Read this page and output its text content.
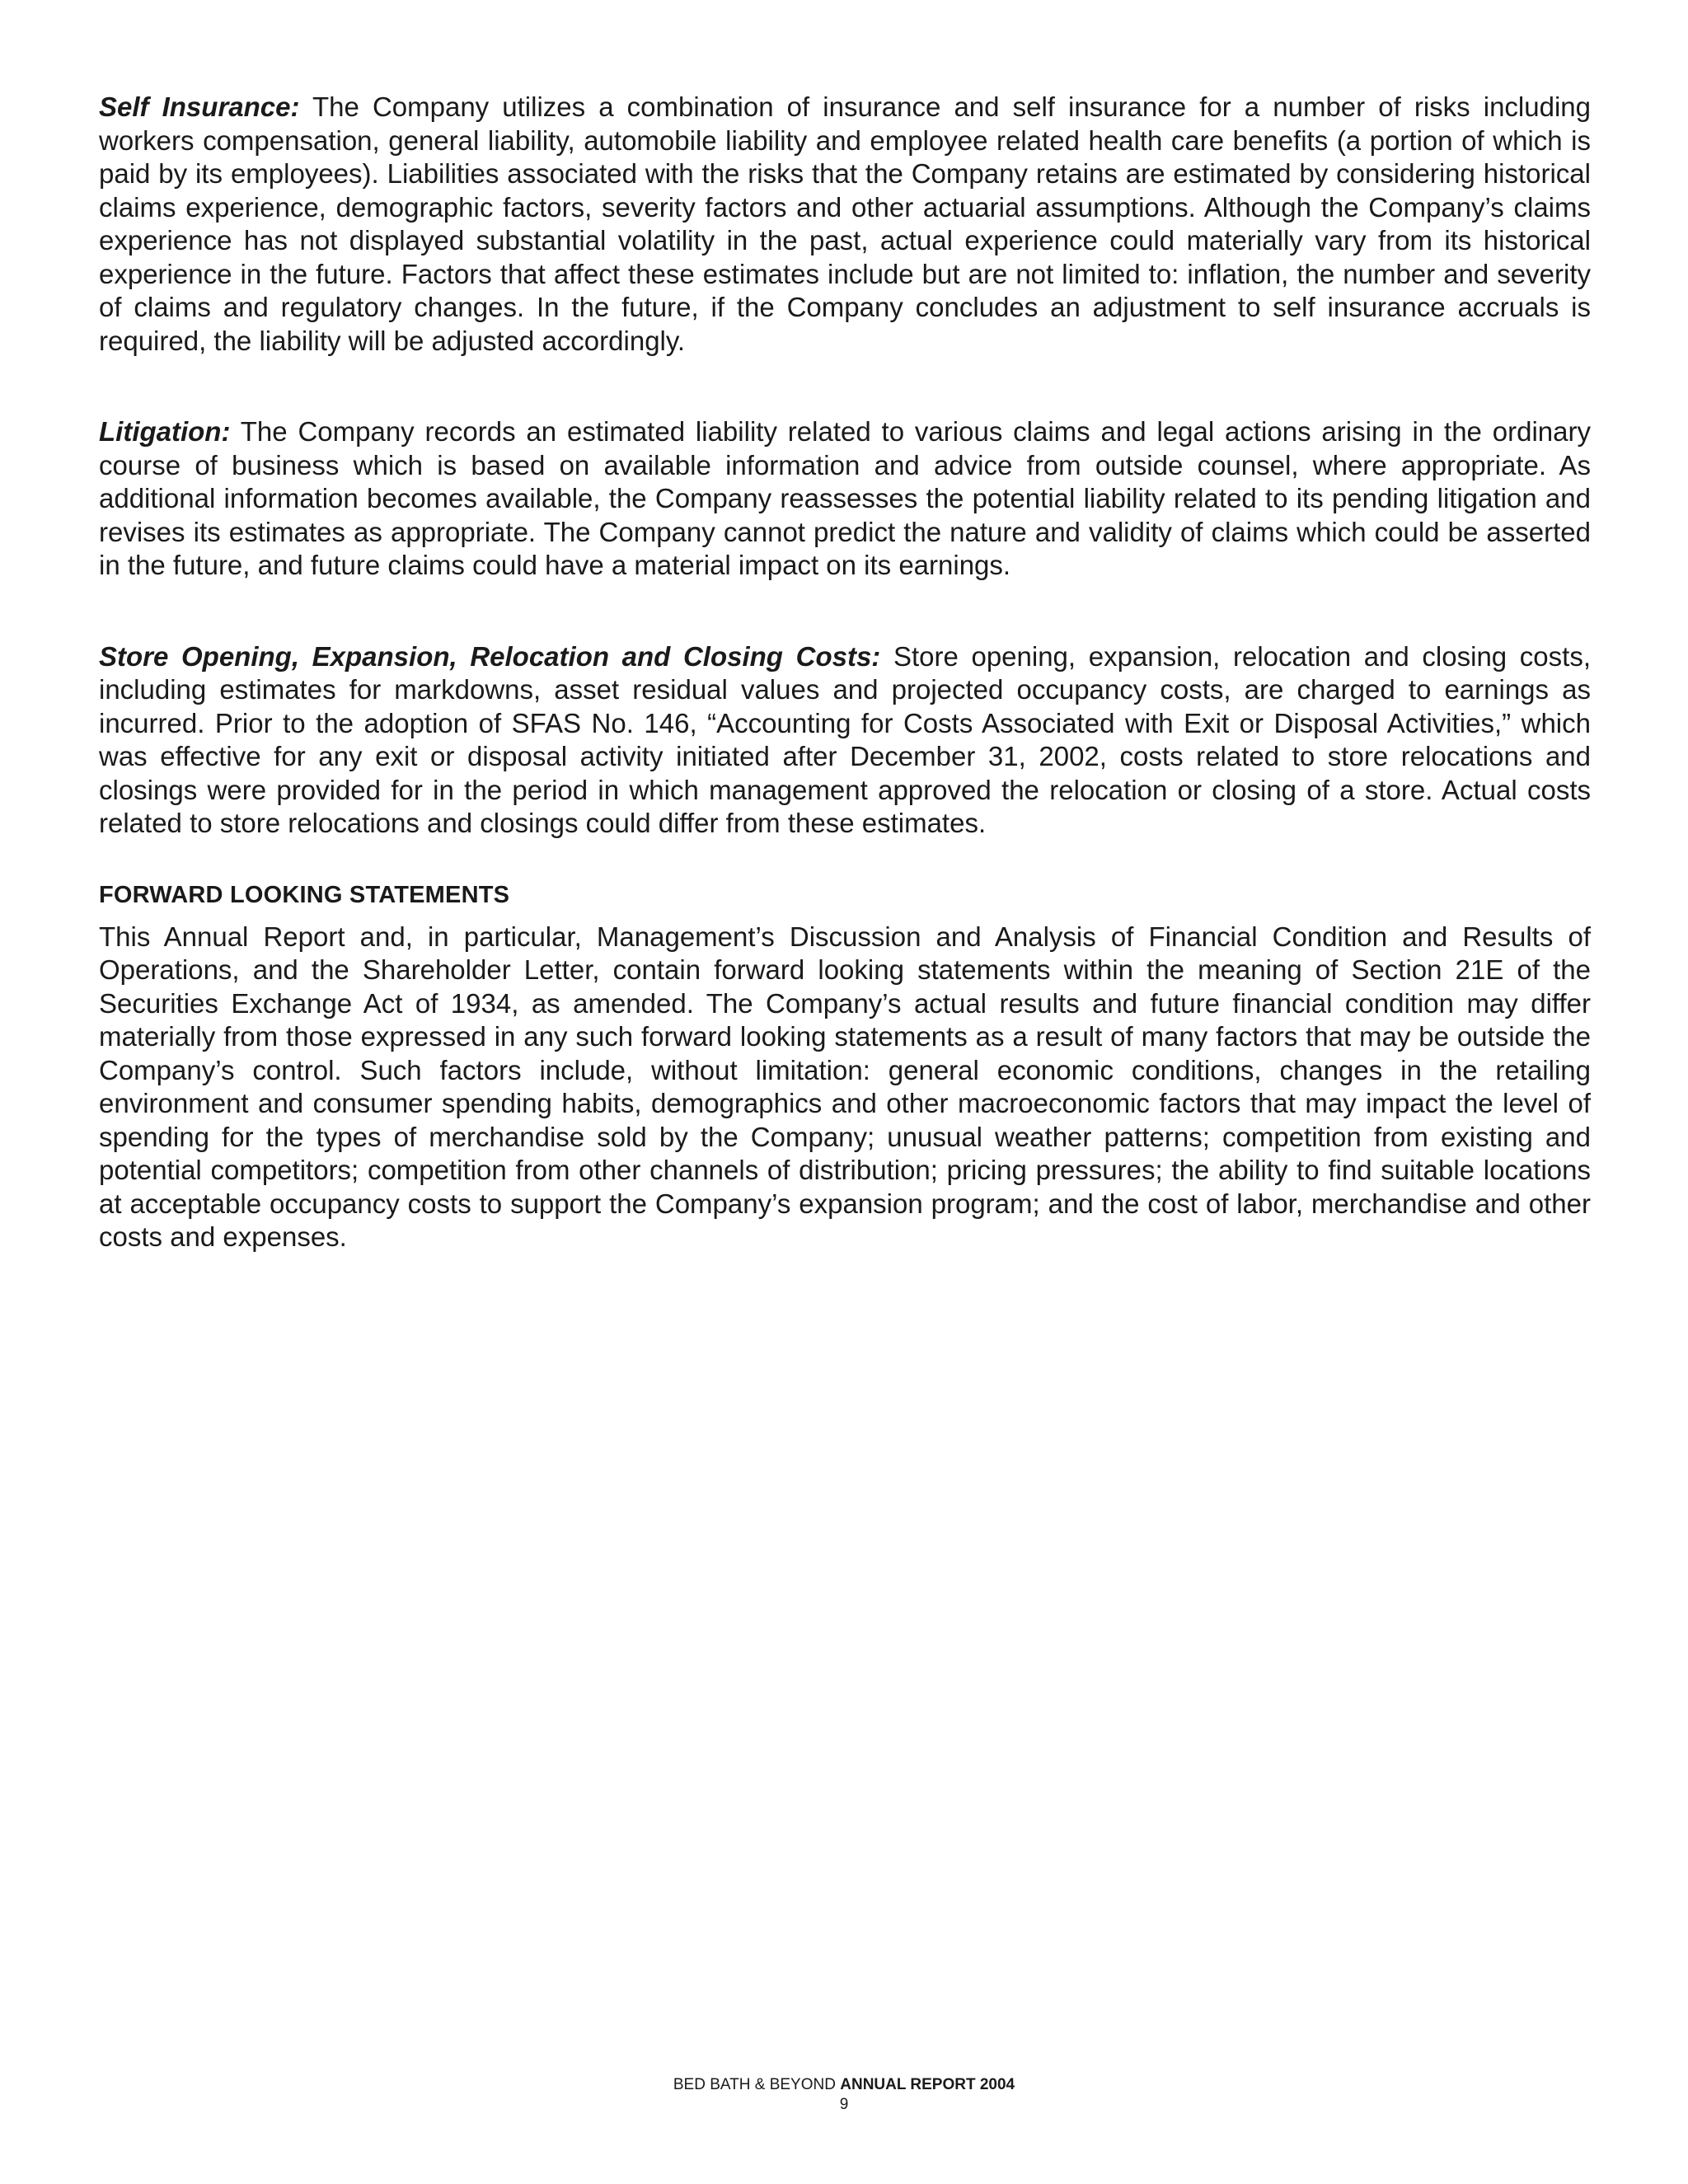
Self Insurance: The Company utilizes a combination of insurance and self insurance for a number of risks including workers compensation, general liability, automobile liability and employee related health care benefits (a portion of which is paid by its employees). Liabilities associated with the risks that the Company retains are estimated by considering historical claims experience, demographic factors, severity factors and other actuarial assumptions. Although the Company’s claims experience has not displayed substantial volatility in the past, actual experience could materially vary from its historical experience in the future. Factors that affect these estimates include but are not limited to: inflation, the number and severity of claims and regulatory changes. In the future, if the Company concludes an adjustment to self insurance accruals is required, the liability will be adjusted accordingly.

Litigation: The Company records an estimated liability related to various claims and legal actions arising in the ordinary course of business which is based on available information and advice from outside counsel, where appropriate. As additional information becomes available, the Company reassesses the potential liability related to its pending litigation and revises its estimates as appropriate. The Company cannot predict the nature and validity of claims which could be asserted in the future, and future claims could have a material impact on its earnings.

Store Opening, Expansion, Relocation and Closing Costs: Store opening, expansion, relocation and closing costs, including estimates for markdowns, asset residual values and projected occupancy costs, are charged to earnings as incurred. Prior to the adoption of SFAS No. 146, “Accounting for Costs Associated with Exit or Disposal Activities,” which was effective for any exit or disposal activity initiated after December 31, 2002, costs related to store relocations and closings were provided for in the period in which management approved the relocation or closing of a store. Actual costs related to store relocations and closings could differ from these estimates.

FORWARD LOOKING STATEMENTS

This Annual Report and, in particular, Management’s Discussion and Analysis of Financial Condition and Results of Operations, and the Shareholder Letter, contain forward looking statements within the meaning of Section 21E of the Securities Exchange Act of 1934, as amended. The Company’s actual results and future financial condition may differ materially from those expressed in any such forward looking statements as a result of many factors that may be outside the Company’s control. Such factors include, without limitation: general economic conditions, changes in the retailing environment and consumer spending habits, demographics and other macroeconomic factors that may impact the level of spending for the types of merchandise sold by the Company; unusual weather patterns; competition from existing and potential competitors; competition from other channels of distribution; pricing pressures; the ability to find suitable locations at acceptable occupancy costs to support the Company’s expansion program; and the cost of labor, merchandise and other costs and expenses.

BED BATH & BEYOND ANNUAL REPORT 2004
9
